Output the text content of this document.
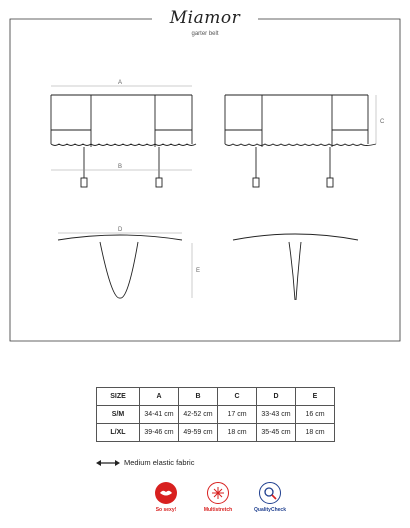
A
B
C
D
E
Miamor
garter belt
SIZE	A	B	C	D	E
S/M	34-41 cm	42-52 cm	17 cm	33-43 cm	16 cm
L/XL	39-46 cm	49-59 cm	18 cm	35-45 cm	18 cm
Medium elastic fabric
So sexy!	Multistretch	QualityCheck
